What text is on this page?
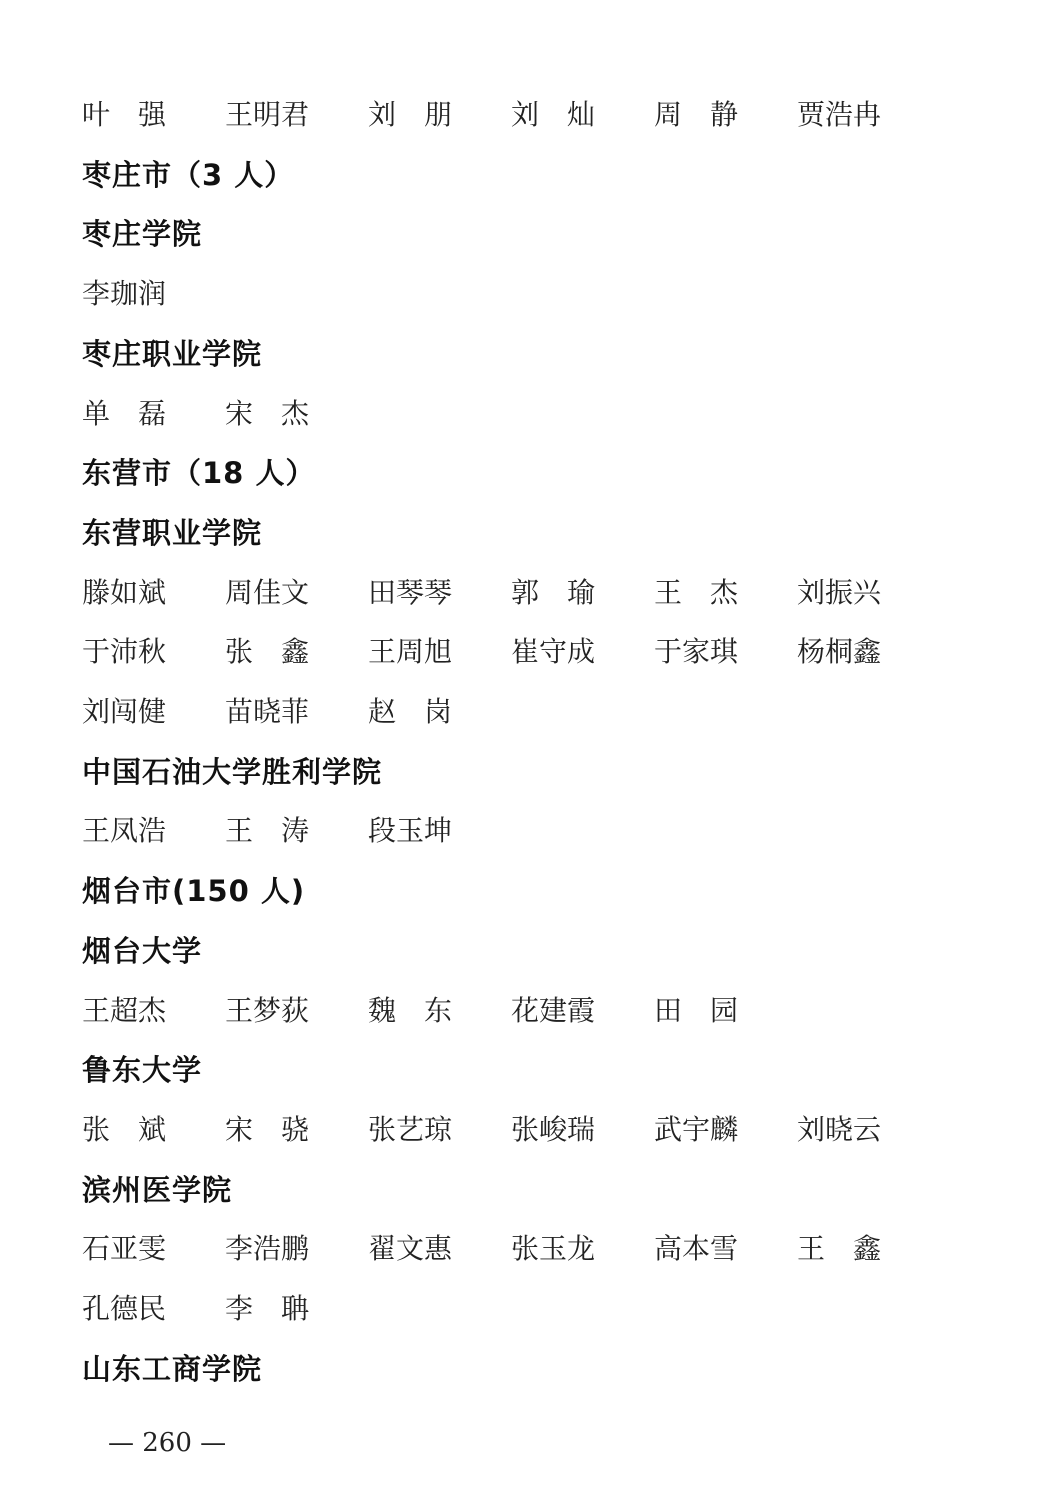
叶　强 王明君 刘　朋 刘　灿 周　静 贾浩冉
枣庄市（3 人）
枣庄学院
李珈润
枣庄职业学院
单　磊 宋　杰
东营市（18 人）
东营职业学院
滕如斌 周佳文 田琴琴 郭　瑜 王　杰 刘振兴
于沛秋 张　鑫 王周旭 崔守成 于家琪 杨桐鑫
刘闯健 苗晓菲 赵　岗
中国石油大学胜利学院
王凤浩 王　涛 段玉坤
烟台市(150 人)
烟台大学
王超杰 王梦荻 魏　东 花建霞 田　园
鲁东大学
张　斌 宋　骁 张艺琼 张峻瑞 武宇麟 刘晓云
滨州医学院
石亚雯 李浩鹏 翟文惠 张玉龙 高本雪 王　鑫
孔德民 李　聃
山东工商学院
— 260 —
